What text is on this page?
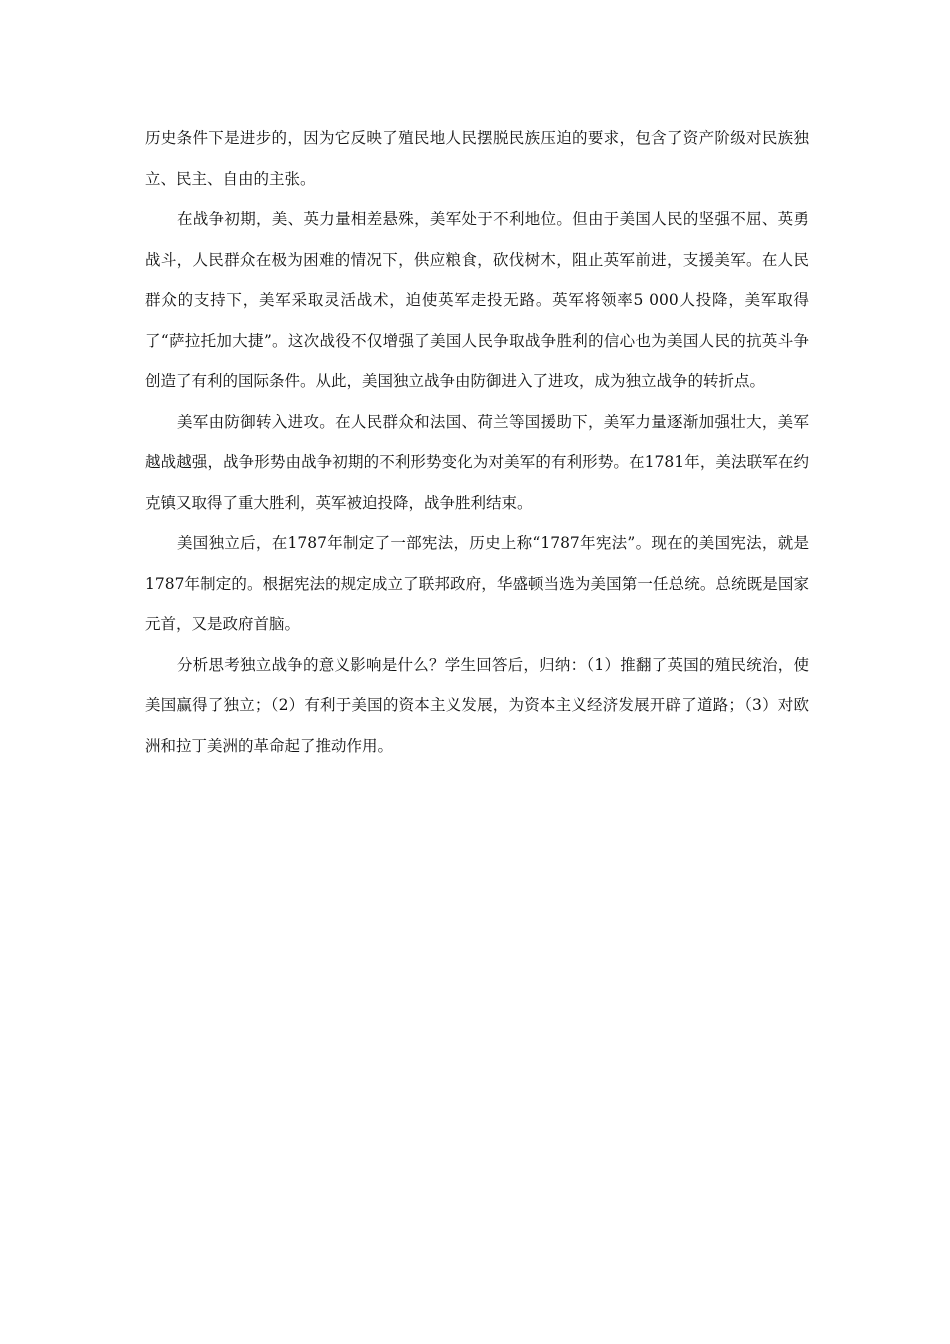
历史条件下是进步的，因为它反映了殖民地人民摆脱民族压迫的要求，包含了资产阶级对民族独立、民主、自由的主张。

在战争初期，美、英力量相差悬殊，美军处于不利地位。但由于美国人民的坚强不屈、英勇战斗，人民群众在极为困难的情况下，供应粮食，砍伐树木，阻止英军前进，支援美军。在人民群众的支持下，美军采取灵活战术，迫使英军走投无路。英军将领率5 000人投降，美军取得了“萨拉托加大捷”。这次战役不仅增强了美国人民争取战争胜利的信心也为美国人民的抗英斗争创造了有利的国际条件。从此，美国独立战争由防御进入了进攻，成为独立战争的转折点。

美军由防御转入进攻。在人民群众和法国、荷兰等国援助下，美军力量逐渐加强壮大，美军越战越强，战争形势由战争初期的不利形势变化为对美军的有利形势。在1781年，美法联军在约克镇又取得了重大胜利，英军被迫投降，战争胜利结束。

美国独立后，在1787年制定了一部宪法，历史上称“1787年宪法”。现在的美国宪法，就是1787年制定的。根据宪法的规定成立了联邦政府，华盛顿当选为美国第一任总统。总统既是国家元首，又是政府首脑。

分析思考独立战争的意义影响是什么？学生回答后，归纳：（1）推翻了英国的殖民统治，使美国赢得了独立；（2）有利于美国的资本主义发展，为资本主义经济发展开辟了道路；（3）对欧洲和拉丁美洲的革命起了推动作用。
